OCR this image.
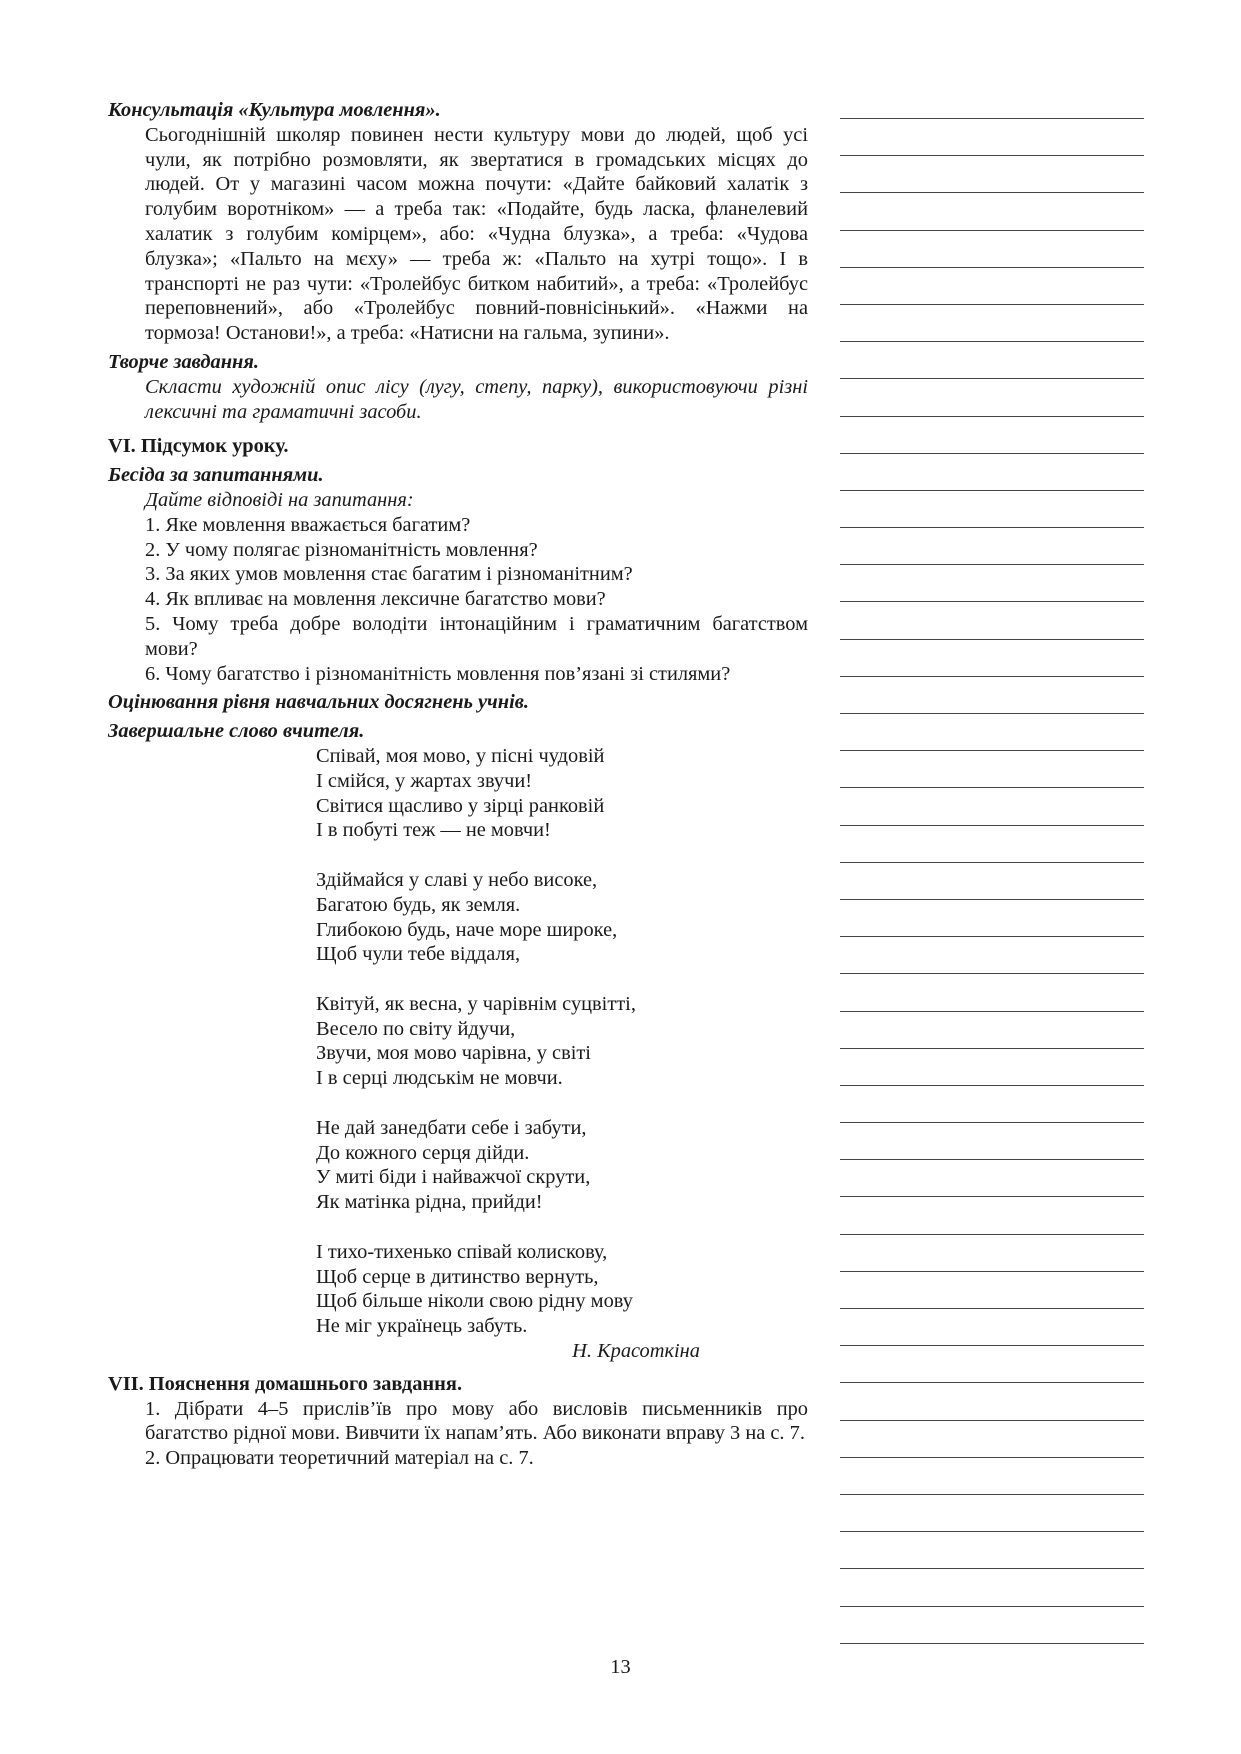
Консультація «Культура мовлення».

Сьогоднішній школяр повинен нести культуру мови до людей, щоб усі чули, як потрібно розмовляти, як звертатися в громадських місцях до людей. От у магазині часом можна почути: «Дайте байковий халатік з голубим воротніком» — а треба так: «Подайте, будь ласка, фланелевий халатик з голубим комірцем», або: «Чудна блузка», а треба: «Чудова блузка»; «Пальто на мєху» — треба ж: «Пальто на хутрі тощо». І в транспорті не раз чути: «Тролейбус битком набитий», а треба: «Тролейбус переповнений», або «Тролейбус повний-повнісінький». «Нажми на тормоза! Останови!», а треба: «Натисни на гальма, зупини».

Творче завдання.

Скласти художній опис лісу (лугу, степу, парку), використовуючи різні лексичні та граматичні засоби.

VI. Підсумок уроку.

Бесіда за запитаннями.

Дайте відповіді на запитання:
1. Яке мовлення вважається багатим?
2. У чому полягає різноманітність мовлення?
3. За яких умов мовлення стає багатим і різноманітним?
4. Як впливає на мовлення лексичне багатство мови?
5. Чому треба добре володіти інтонаційним і граматичним багатством мови?
6. Чому багатство і різноманітність мовлення пов’язані зі стилями?

Оцінювання рівня навчальних досягнень учнів.

Завершальне слово вчителя.

Співай, моя мово, у пісні чудовій
І смійся, у жартах звучи!
Світися щасливо у зірці ранковій
І в побуті теж — не мовчи!
Здіймайся у славі у небо високе,
Багатою будь, як земля.
Глибокою будь, наче море широке,
Щоб чули тебе віддаля,
Квітуй, як весна, у чарівнім суцвітті,
Весело по світу йдучи,
Звучи, моя мово чарівна, у світі
І в серці людськім не мовчи.
Не дай занедбати себе і забути,
До кожного серця дійди.
У миті біди і найважчої скрути,
Як матінка рідна, прийди!
І тихо-тихенько співай колискову,
Щоб серце в дитинство вернуть,
Щоб більше ніколи свою рідну мову
Не міг українець забуть.

Н. Красоткіна

VII. Пояснення домашнього завдання.

1. Дібрати 4–5 прислів’їв про мову або висловів письменників про багатство рідної мови. Вивчити їх напам’ять. Або виконати вправу 3 на с. 7.
2. Опрацювати теоретичний матеріал на с. 7.
13
